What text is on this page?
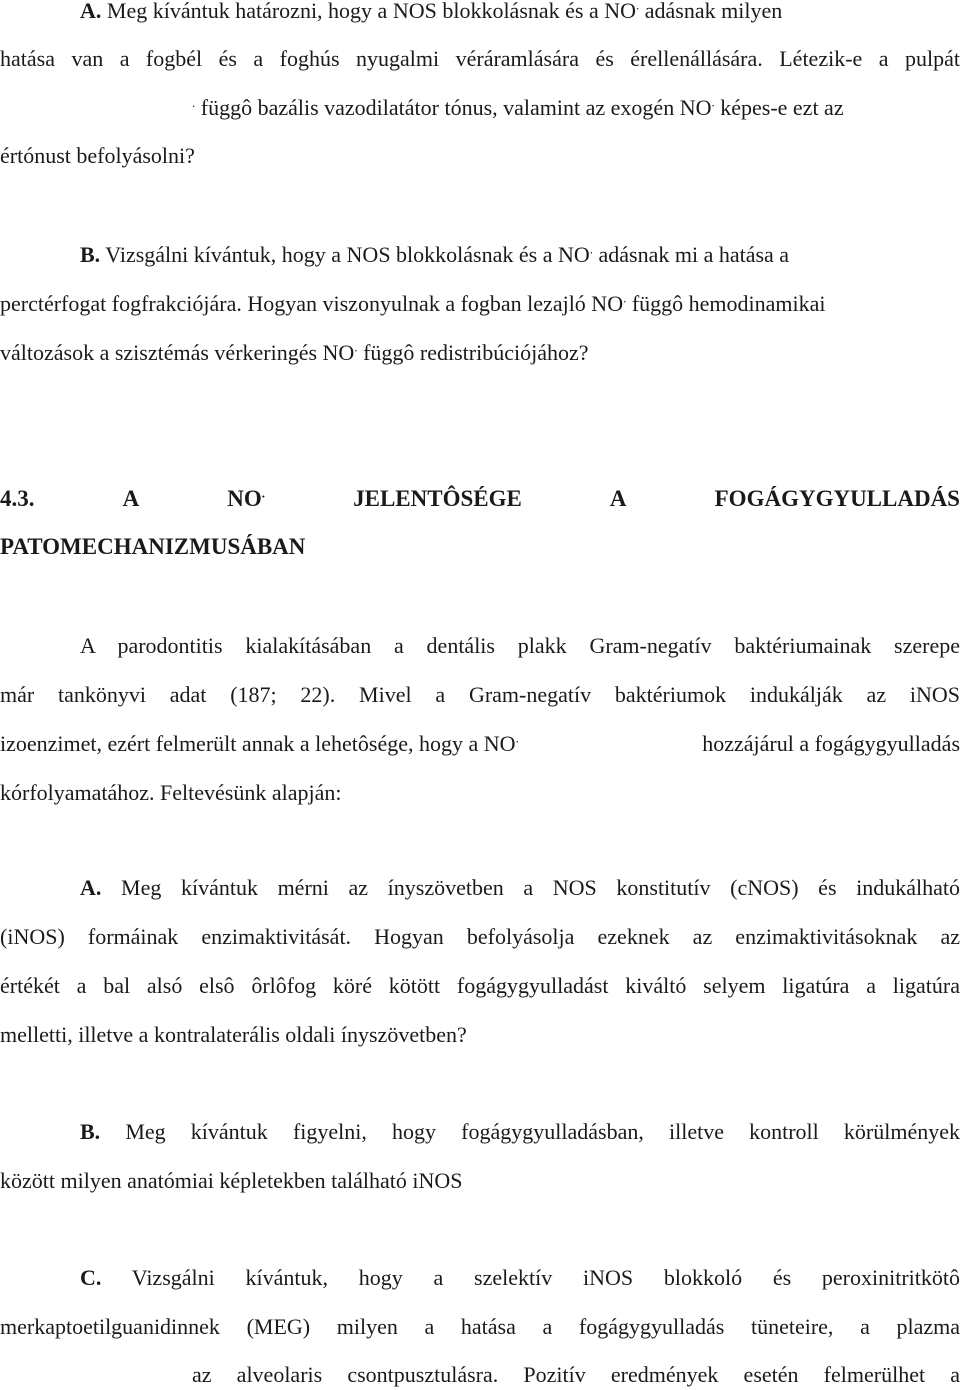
A. Meg kívántuk határozni, hogy a NOS blokkolásnak és a NO. adásnak milyen
hatása van a fogbél és a foghús nyugalmi véráramlására és érellenállására. Létezik-e a pulpát
. függô bazális vazodilatátor tónus, valamint az exogén NO. képes-e ezt az
értónust befolyásolni?
B. Vizsgálni kívántuk, hogy a NOS blokkolásnak és a NO. adásnak mi a hatása a
perctérfogat fogfrakciójára. Hogyan viszonyulnak a fogban lezajló NO. függô hemodinamikai
változások a szisztémás vérkeringés NO. függô redistribúciójához?
4.3.	A	NO.	JELENTÔSÉGE	A	FOGÁGYGYULLADÁS
PATOMECHANIZMUSÁBAN
A parodontitis kialakításában a dentális plakk Gram-negatív baktériumainak szerepe
már tankönyvi adat (187; 22). Mivel a Gram-negatív baktériumok indukálják az iNOS
izoenzimet, ezért felmerült annak a lehetôsége, hogy a NO.	hozzájárul a fogágygyulladás
kórfolyamatához. Feltevésünk alapján:
A. Meg kívántuk mérni az ínyszövetben a NOS konstitutív (cNOS) és indukálható
(iNOS) formáinak enzimaktivitását. Hogyan befolyásolja ezeknek az enzimaktivitásoknak az
értékét a bal alsó elsô ôrlôfog köré kötött fogágygyulladást kiváltó selyem ligatúra a ligatúra
melletti, illetve a kontralaterális oldali ínyszövetben?
B. Meg kívántuk figyelni, hogy fogágygyulladásban, illetve kontroll körülmények
között milyen anatómiai képletekben található iNOS
C. Vizsgálni kívántuk, hogy a szelektív iNOS blokkoló és peroxinitritkötô
merkaptoetilguanidinnek (MEG) milyen a hatása a fogágygyulladás tüneteire, a plazma
az alveolaris csontpusztulásra. Pozitív eredmények esetén felmerülhet a
